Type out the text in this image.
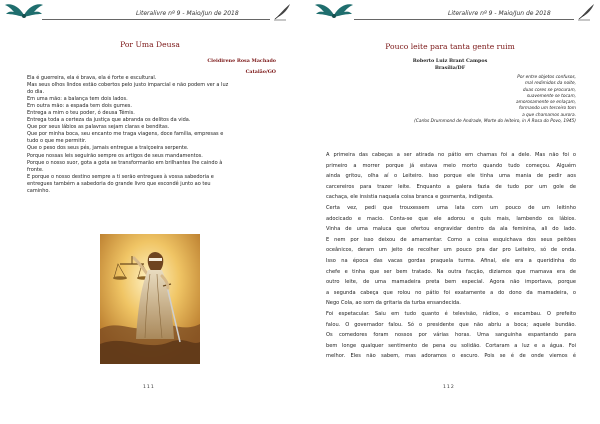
Literalivre nº 9 - Maio/Jun de 2018
Por Uma Deusa
Cleidirene Rosa Machado
Catalão/GO
Ela é guerreira, ela é brava, ela é forte e escultural.
Mas seus olhos lindos estão cobertos pelo justo imparcial e não podem ver a luz
do dia.
Em uma mão: a balança tem dois lados.
Em outra mão: a espada tem dois gumes.
Entrega a mim o teu poder, ó deusa Têmis.
Entrega toda a certeza da justiça que abranda os delitos da vida.
Que por seus lábios as palavras sejam claras e benditas.
Que por minha boca, seu encanto me traga viagens, doce família, empresas e
tudo o que me permitir.
Que o peso dos seus pés, jamais entregue a traiçoeira serpente.
Porque nossas leis seguirão sempre os artigos de seus mandamentos.
Porque o nosso suor, gota a gota se transformarão em brilhantes lhe caindo à
fronte.
E porque o nosso destino sempre a ti serão entregues à vossa sabedoria e
entregues também a sabedoria do grande livro que escondê junto ao teu
caminho.
111
Literalivre nº 9 - Maio/Jun de 2018
Pouco leite para tanta gente ruim
Roberto Luiz Brant Campos
Brasília/DF
Por entre objetos confusos,
mal redimidos da noite,
duas cores se procuram,
suavemente se tocam,
amorosamente se enlaçam,
formando um terceiro tom
a que chamamos aurora.
(Carlos Drummond de Andrade, Morte do leiteiro, in A Rosa do Povo, 1945)
A primeira das cabeças a ser atirada no pátio em chamas foi a dele. Mas não foi o
primeiro a morrer porque já estava meio morto quando tudo começou. Alguém
ainda gritou, olha aí o Leiteiro. Isso porque ele tinha uma mania de pedir aos
carcereiros para trazer leite. Enquanto a galera fazia de tudo por um gole de
cachaça, ele insistia naquela coisa branca e gosmenta, indigesta.
Certa vez, pedi que trouxessem uma lata com um pouco de um leitinho
adocicado e macio. Conta-se que ele adorou e quis mais, lambendo os lábios.
Vinha de uma maluca que ofertou engravidar dentro da ala feminina, ali do lado.
E nem por isso deixou de amamentar. Como a coisa esquichava dos seus peitões
oceânicos, deram um jeito de recolher um pouco pra dar pro Leiteiro, só de onda.
Isso na época das vacas gordas praquela turma. Afinal, ele era a queridinha do
chefe e tinha que ser bem tratado. Na outra facção, diziamos que mamava era de
outro leite, de uma mamadeira preta bem especial. Agora não importava, porque
a segunda cabeça que rolou no pátio foi exatamente a do dono da mamadeira, o
Nego Cola, ao som da gritaria da turba ensandecida.
Foi espetacular. Saiu em tudo quanto é televisão, rádios, o escambau. O prefeito
falou. O governador falou. Só o presidente que não abriu a boca; aquele bundão.
Os comedores foram nossos por várias horas. Uma sanguinha espantando para
bem longe qualquer sentimento de pena ou solidão. Cortaram a luz e a água. Foi
melhor. Eles não sabem, mas adoramos o escuro. Pois se é de onde viemos é
112
